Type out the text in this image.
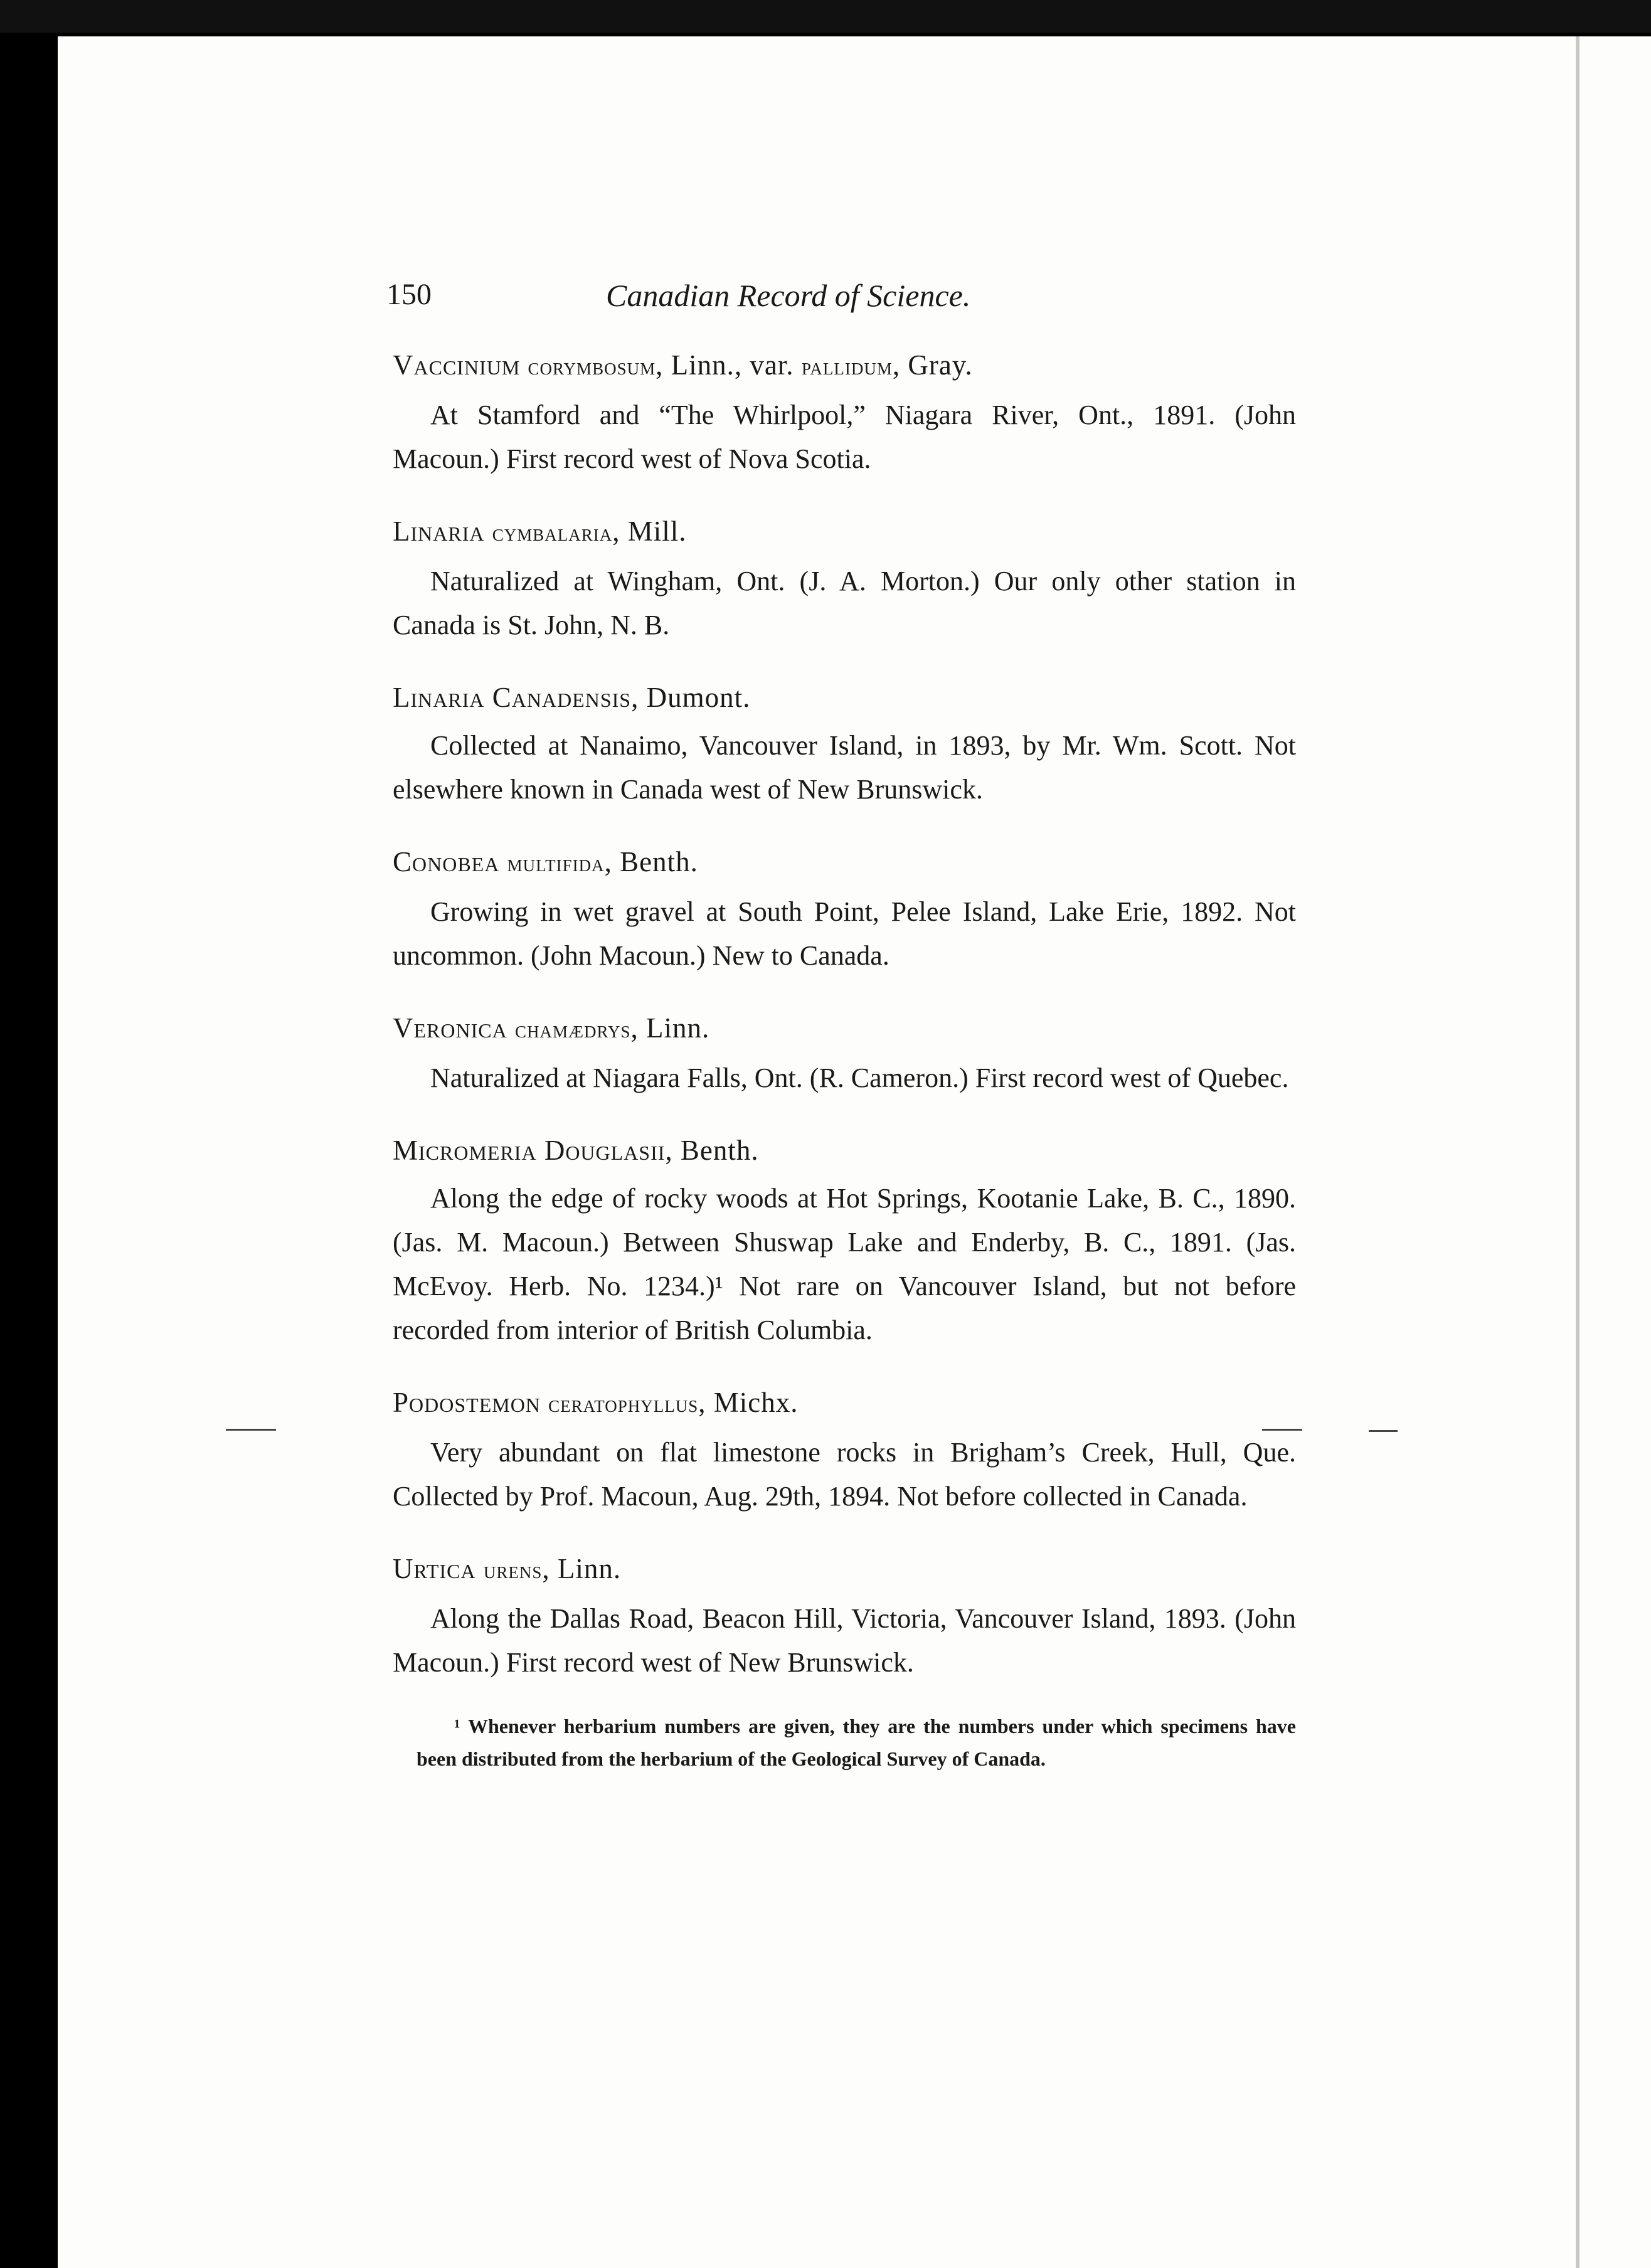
150	Canadian Record of Science.
Vaccinium corymbosum, Linn., var. pallidum, Gray.
At Stamford and “The Whirlpool,” Niagara River, Ont., 1891. (John Macoun.) First record west of Nova Scotia.
Linaria cymbalaria, Mill.
Naturalized at Wingham, Ont. (J. A. Morton.) Our only other station in Canada is St. John, N. B.
Linaria Canadensis, Dumont.
Collected at Nanaimo, Vancouver Island, in 1893, by Mr. Wm. Scott. Not elsewhere known in Canada west of New Brunswick.
Conobea multifida, Benth.
Growing in wet gravel at South Point, Pelee Island, Lake Erie, 1892. Not uncommon. (John Macoun.) New to Canada.
Veronica chamædrys, Linn.
Naturalized at Niagara Falls, Ont. (R. Cameron.) First record west of Quebec.
Micromeria Douglasii, Benth.
Along the edge of rocky woods at Hot Springs, Kootanie Lake, B. C., 1890. (Jas. M. Macoun.) Between Shuswap Lake and Enderby, B. C., 1891. (Jas. McEvoy. Herb. No. 1234.)¹ Not rare on Vancouver Island, but not before recorded from interior of British Columbia.
Podostemon ceratophyllus, Michx.
Very abundant on flat limestone rocks in Brigham’s Creek, Hull, Que. Collected by Prof. Macoun, Aug. 29th, 1894. Not before collected in Canada.
Urtica urens, Linn.
Along the Dallas Road, Beacon Hill, Victoria, Vancouver Island, 1893. (John Macoun.) First record west of New Brunswick.
¹ Whenever herbarium numbers are given, they are the numbers under which specimens have been distributed from the herbarium of the Geological Survey of Canada.
